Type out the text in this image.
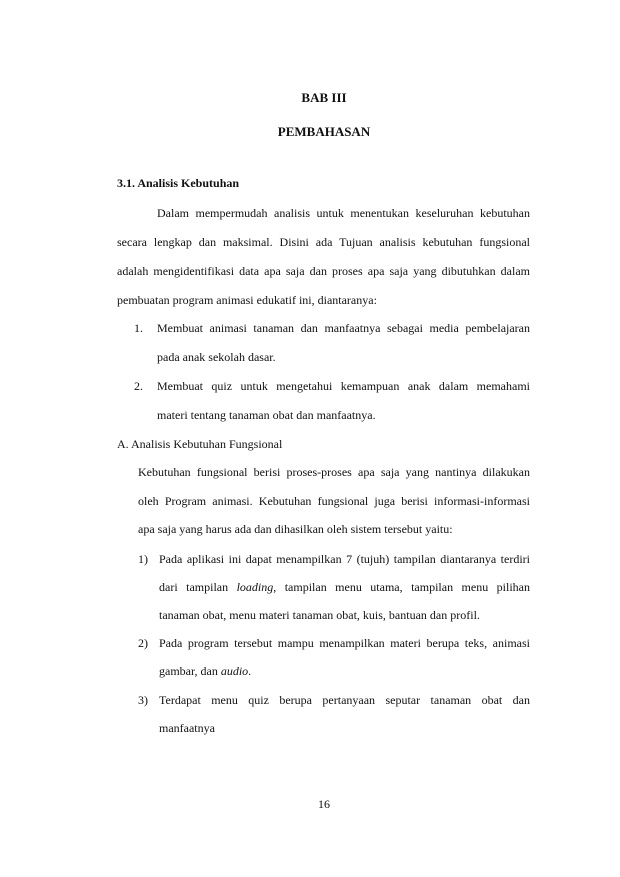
BAB III
PEMBAHASAN
3.1. Analisis Kebutuhan
Dalam mempermudah analisis untuk menentukan keseluruhan kebutuhan
secara lengkap dan maksimal. Disini ada Tujuan analisis kebutuhan fungsional
adalah mengidentifikasi data apa saja dan proses apa saja yang dibutuhkan dalam
pembuatan program animasi edukatif ini, diantaranya:
1. Membuat animasi tanaman dan manfaatnya sebagai media pembelajaran
pada anak sekolah dasar.
2. Membuat quiz untuk mengetahui kemampuan anak dalam memahami
materi tentang tanaman obat dan manfaatnya.
A. Analisis Kebutuhan Fungsional
Kebutuhan fungsional berisi proses-proses apa saja yang nantinya dilakukan
oleh Program animasi. Kebutuhan fungsional juga berisi informasi-informasi
apa saja yang harus ada dan dihasilkan oleh sistem tersebut yaitu:
1) Pada aplikasi ini dapat menampilkan 7 (tujuh) tampilan diantaranya terdiri
dari tampilan loading, tampilan menu utama, tampilan menu pilihan
tanaman obat, menu materi tanaman obat, kuis, bantuan dan profil.
2) Pada program tersebut mampu menampilkan materi berupa teks, animasi
gambar, dan audio.
3) Terdapat menu quiz berupa pertanyaan seputar tanaman obat dan
manfaatnya
16
